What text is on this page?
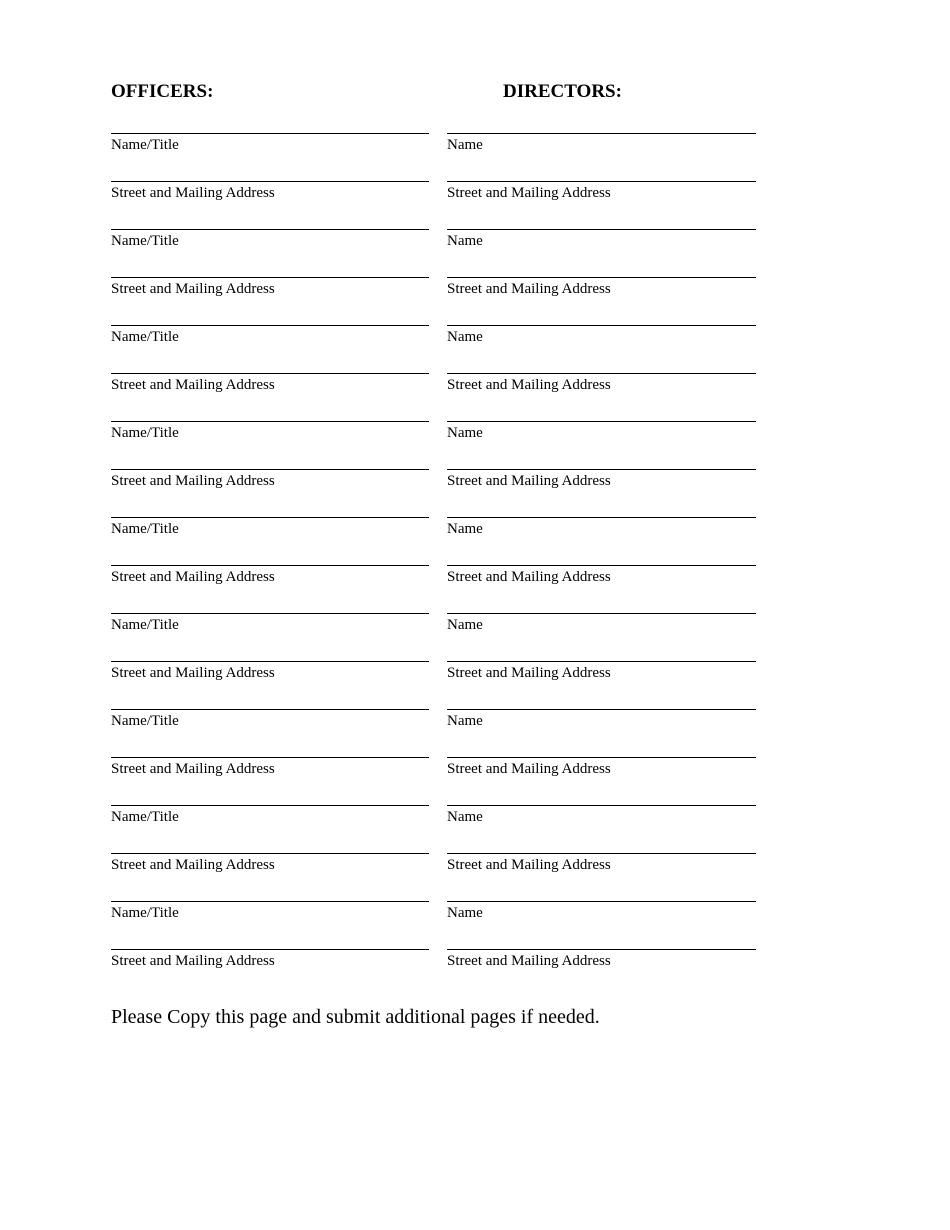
OFFICERS:	DIRECTORS:
Name/Title
Street and Mailing Address
Name/Title
Street and Mailing Address
Name/Title
Street and Mailing Address
Name/Title
Street and Mailing Address
Name/Title
Street and Mailing Address
Name/Title
Street and Mailing Address
Name/Title
Street and Mailing Address
Name/Title
Street and Mailing Address
Name/Title
Street and Mailing Address
Name
Street and Mailing Address
Name
Street and Mailing Address
Name
Street and Mailing Address
Name
Street and Mailing Address
Name
Street and Mailing Address
Name
Street and Mailing Address
Name
Street and Mailing Address
Name
Street and Mailing Address
Name
Street and Mailing Address

Please Copy this page and submit additional pages if needed.
